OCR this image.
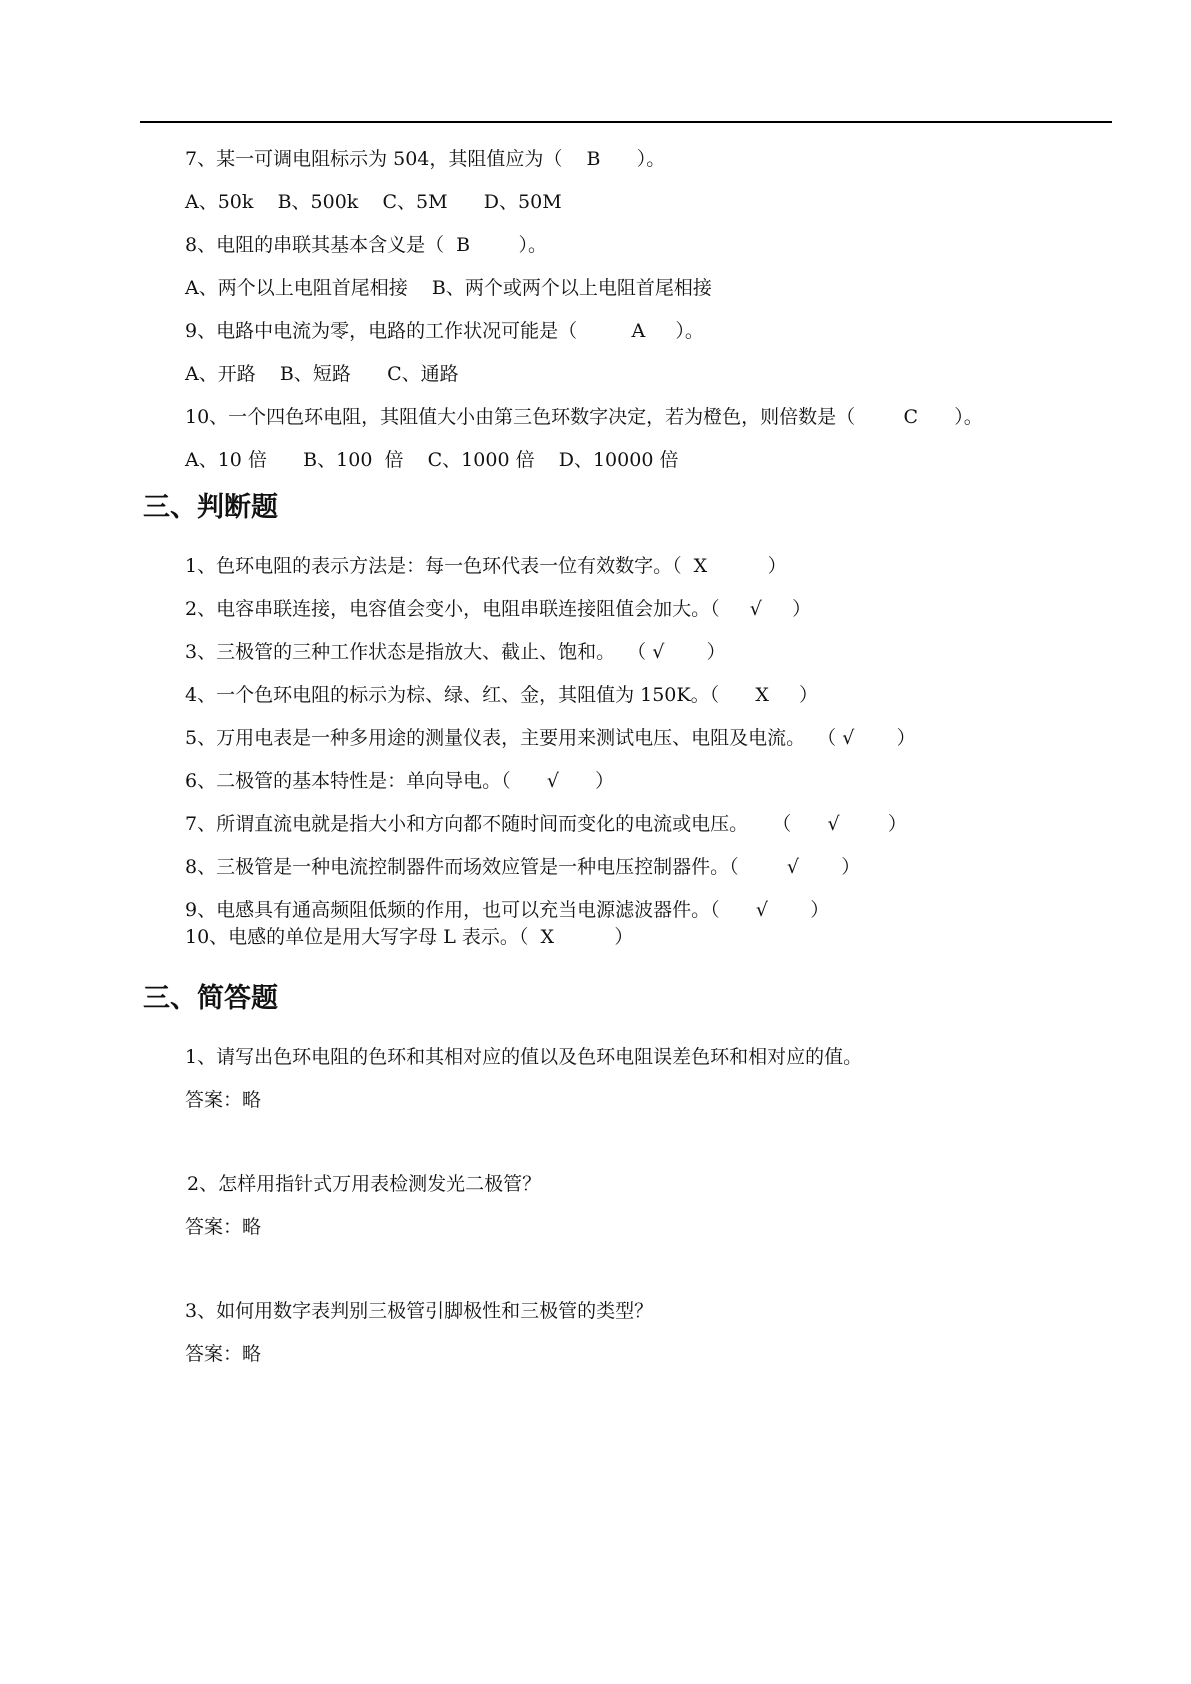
7、某一可调电阻标示为 504，其阻值应为（    B      ）。
A、50k    B、500k    C、5M      D、50M
8、电阻的串联其基本含义是（  B        ）。
A、两个以上电阻首尾相接    B、两个或两个以上电阻首尾相接
9、电路中电流为零，电路的工作状况可能是（         A     ）。
A、开路    B、短路      C、通路
10、一个四色环电阻，其阻值大小由第三色环数字决定，若为橙色，则倍数是（        C      ）。
A、10 倍      B、100  倍    C、1000 倍    D、10000 倍
三、判断题
1、色环电阻的表示方法是：每一色环代表一位有效数字。（  X          ）
2、电容串联连接，电容值会变小，电阻串联连接阻值会加大。（     √     ）
3、三极管的三种工作状态是指放大、截止、饱和。  （ √       ）
4、一个色环电阻的标示为棕、绿、红、金，其阻值为 150K。（      X     ）
5、万用电表是一种多用途的测量仪表，主要用来测试电压、电阻及电流。  （ √       ）
6、二极管的基本特性是：单向导电。（      √      ）
7、所谓直流电就是指大小和方向都不随时间而变化的电流或电压。    （      √        ）
8、三极管是一种电流控制器件而场效应管是一种电压控制器件。（        √       ）
9、电感具有通高频阻低频的作用，也可以充当电源滤波器件。（      √       ）
10、电感的单位是用大写字母 L 表示。（  X          ）
三、简答题
1、请写出色环电阻的色环和其相对应的值以及色环电阻误差色环和相对应的值。
答案：略
2、怎样用指针式万用表检测发光二极管？
答案：略
3、如何用数字表判别三极管引脚极性和三极管的类型？
答案：略
